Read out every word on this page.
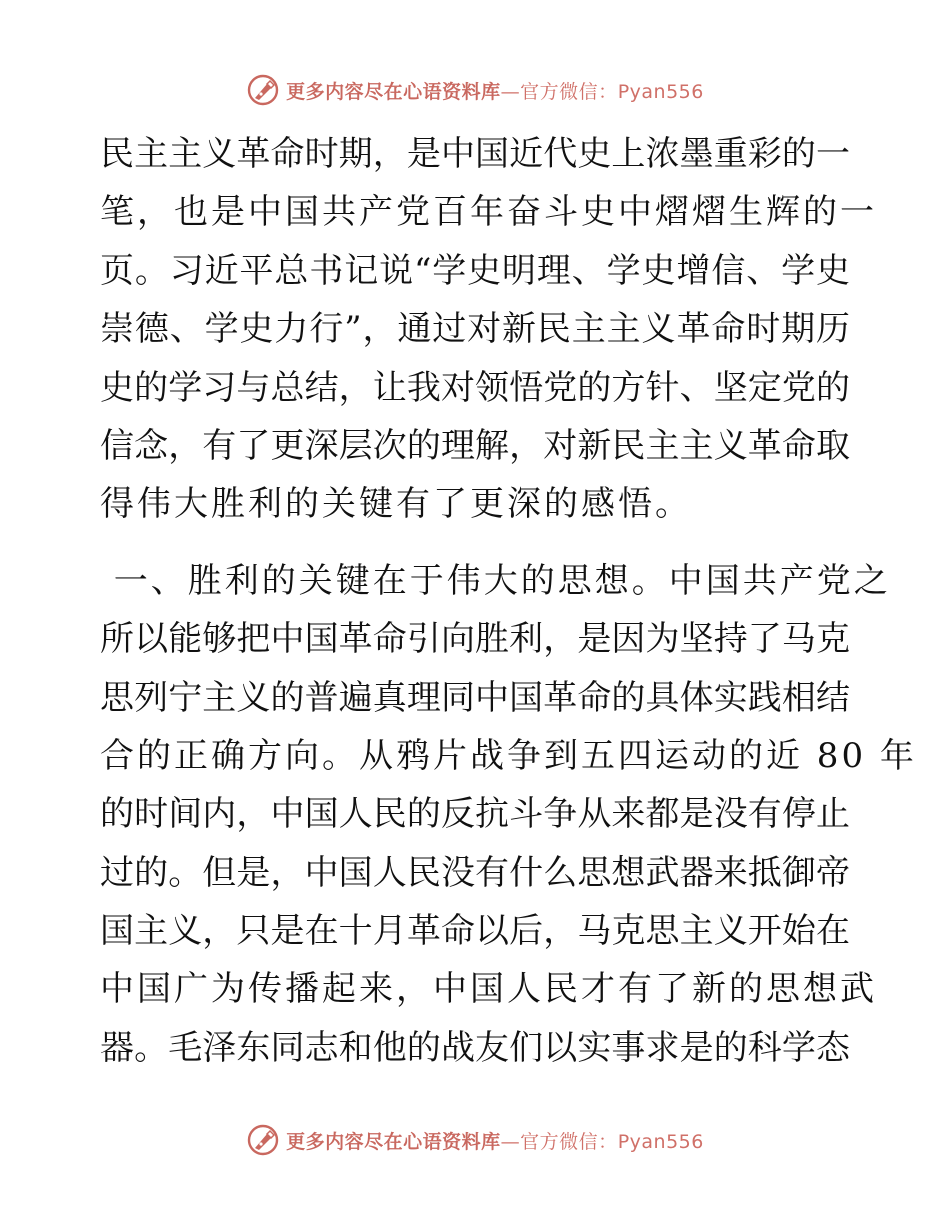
更多内容尽在心语资料库—官方微信：Pyan556
民主主义革命时期，是中国近代史上浓墨重彩的一
笔，也是中国共产党百年奋斗史中熠熠生辉的一
页。习近平总书记说“学史明理、学史增信、学史
崇德、学史力行”，通过对新民主主义革命时期历
史的学习与总结，让我对领悟党的方针、坚定党的
信念，有了更深层次的理解，对新民主主义革命取
得伟大胜利的关键有了更深的感悟。
一、胜利的关键在于伟大的思想。中国共产党之
所以能够把中国革命引向胜利，是因为坚持了马克
思列宁主义的普遍真理同中国革命的具体实践相结
合的正确方向。从鸦片战争到五四运动的近 80 年
的时间内，中国人民的反抗斗争从来都是没有停止
过的。但是，中国人民没有什么思想武器来抵御帝
国主义，只是在十月革命以后，马克思主义开始在
中国广为传播起来，中国人民才有了新的思想武
器。毛泽东同志和他的战友们以实事求是的科学态
更多内容尽在心语资料库—官方微信：Pyan556
